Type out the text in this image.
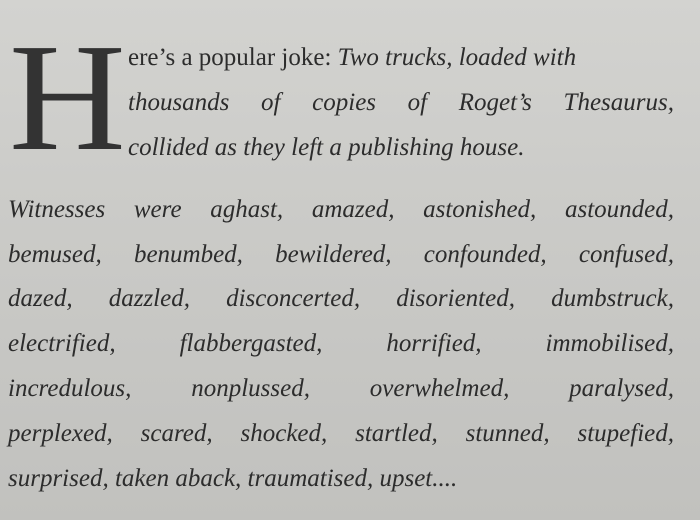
H ere’s a popular joke: Two trucks, loaded with
thousands of copies of Roget’s Thesaurus,
collided as they left a publishing house.
Witnesses were aghast, amazed, astonished, astounded,
bemused, benumbed, bewildered, confounded, confused,
dazed, dazzled, disconcerted, disoriented, dumbstruck,
electrified, flabbergasted, horrified, immobilised,
incredulous, nonplussed, overwhelmed, paralysed,
perplexed, scared, shocked, startled, stunned, stupefied,
surprised, taken aback, traumatised, upset....
